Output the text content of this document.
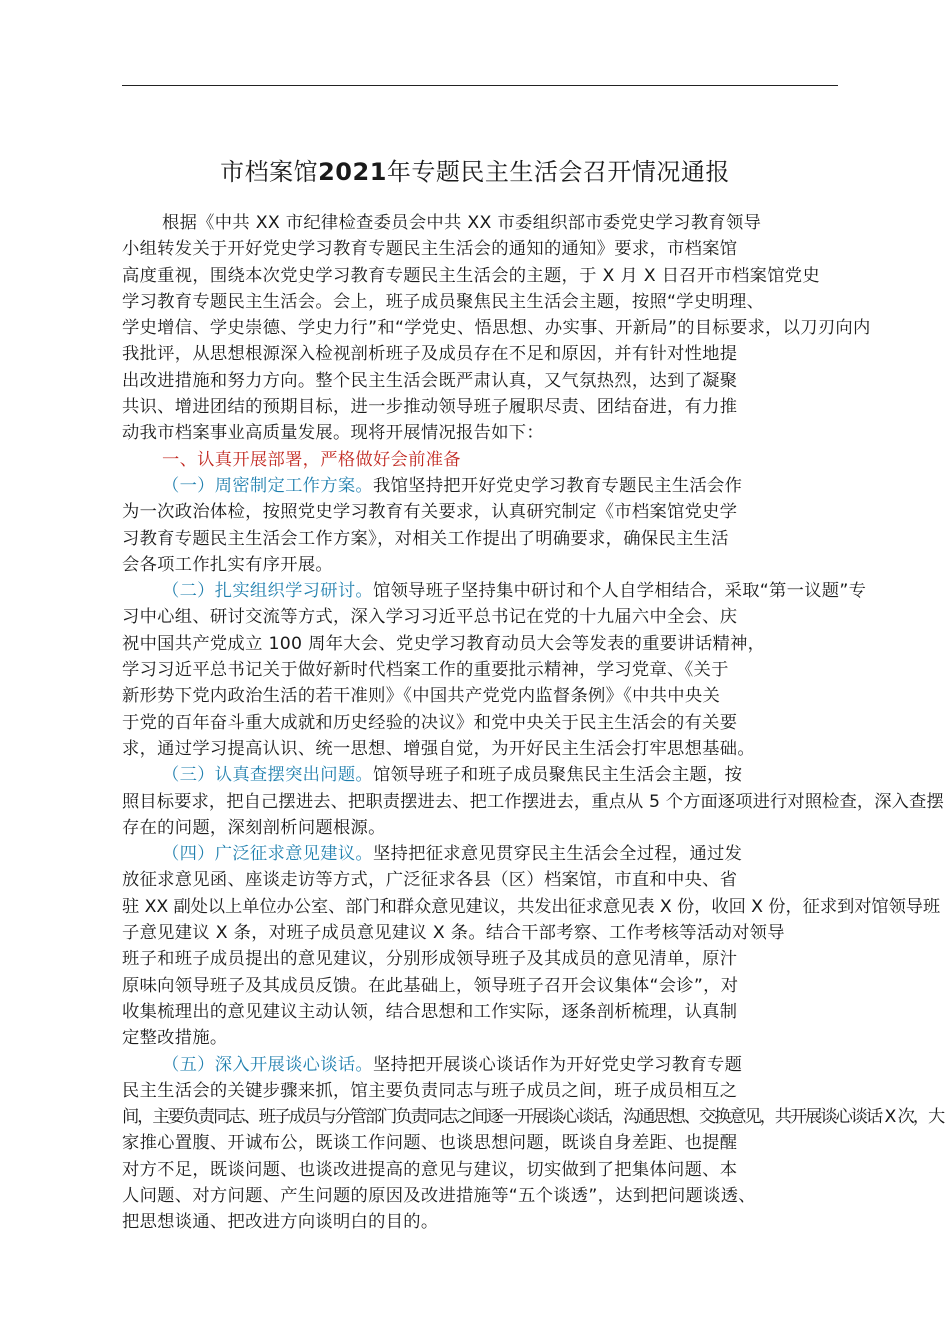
市档案馆2021年专题民主生活会召开情况通报
根据《中共 XX 市纪律检查委员会中共 XX 市委组织部市委党史学习教育领导
小组转发关于开好党史学习教育专题民主生活会的通知的通知》要求，市档案馆
高度重视，围绕本次党史学习教育专题民主生活会的主题，于 X 月 X 日召开市档案馆党史
学习教育专题民主生活会。会上，班子成员聚焦民主生活会主题，按照“学史明理、
学史增信、学史崇德、学史力行”和“学党史、悟思想、办实事、开新局”的目标要求，以刀刃向内
我批评，从思想根源深入检视剖析班子及成员存在不足和原因，并有针对性地提
出改进措施和努力方向。整个民主生活会既严肃认真，又气氛热烈，达到了凝聚
共识、增进团结的预期目标，进一步推动领导班子履职尽责、团结奋进，有力推
动我市档案事业高质量发展。现将开展情况报告如下：
一、认真开展部署，严格做好会前准备
（一）周密制定工作方案。我馆坚持把开好党史学习教育专题民主生活会作
为一次政治体检，按照党史学习教育有关要求，认真研究制定《市档案馆党史学
习教育专题民主生活会工作方案》，对相关工作提出了明确要求，确保民主生活
会各项工作扎实有序开展。
（二）扎实组织学习研讨。馆领导班子坚持集中研讨和个人自学相结合，采取“第一议题”专
习中心组、研讨交流等方式，深入学习习近平总书记在党的十九届六中全会、庆
祝中国共产党成立 100 周年大会、党史学习教育动员大会等发表的重要讲话精神，
学习习近平总书记关于做好新时代档案工作的重要批示精神，学习党章、《关于
新形势下党内政治生活的若干准则》《中国共产党党内监督条例》《中共中央关
于党的百年奋斗重大成就和历史经验的决议》和党中央关于民主生活会的有关要
求，通过学习提高认识、统一思想、增强自觉，为开好民主生活会打牢思想基础。
（三）认真查摆突出问题。馆领导班子和班子成员聚焦民主生活会主题，按
照目标要求，把自己摆进去、把职责摆进去、把工作摆进去，重点从 5 个方面逐项进行对照检查，深入查摆
存在的问题，深刻剖析问题根源。
（四）广泛征求意见建议。坚持把征求意见贯穿民主生活会全过程，通过发
放征求意见函、座谈走访等方式，广泛征求各县（区）档案馆，市直和中央、省
驻 XX 副处以上单位办公室、部门和群众意见建议，共发出征求意见表 X 份，收回 X 份，征求到对馆领导班
子意见建议 X 条，对班子成员意见建议 X 条。结合干部考察、工作考核等活动对领导
班子和班子成员提出的意见建议，分别形成领导班子及其成员的意见清单，原汁
原味向领导班子及其成员反馈。在此基础上，领导班子召开会议集体“会诊”，对
收集梳理出的意见建议主动认领，结合思想和工作实际，逐条剖析梳理，认真制
定整改措施。
（五）深入开展谈心谈话。坚持把开展谈心谈话作为开好党史学习教育专题
民主生活会的关键步骤来抓，馆主要负责同志与班子成员之间，班子成员相互之
间，主要负责同志、班子成员与分管部门负责同志之间逐一开展谈心谈话，沟通思想、交换意见，共开展谈心谈话 X 次，大
家推心置腹、开诚布公，既谈工作问题、也谈思想问题，既谈自身差距、也提醒
对方不足，既谈问题、也谈改进提高的意见与建议，切实做到了把集体问题、本
人问题、对方问题、产生问题的原因及改进措施等“五个谈透”，达到把问题谈透、
把思想谈通、把改进方向谈明白的目的。
